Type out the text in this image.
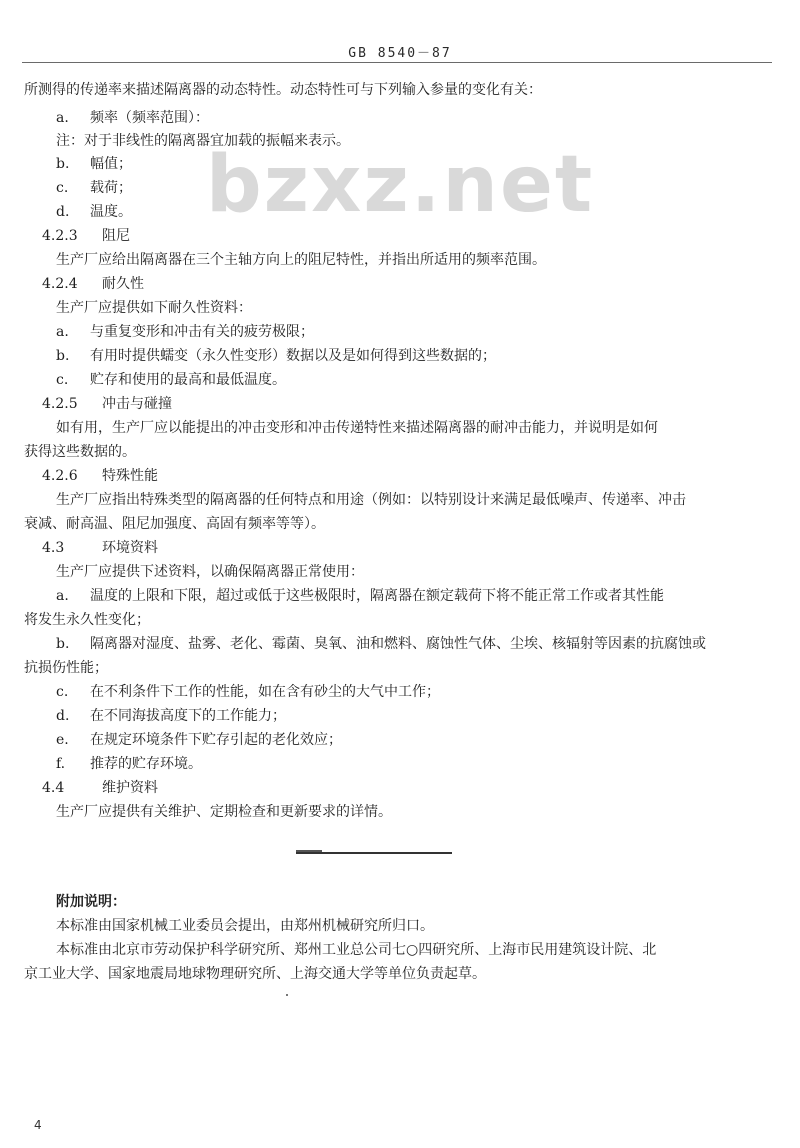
GB 8540－87
bzxz.net
所测得的传递率来描述隔离器的动态特性。动态特性可与下列输入参量的变化有关：
a. 频率（频率范围）：
注：对于非线性的隔离器宜加载的振幅来表示。
b. 幅值；
c. 载荷；
d. 温度。
4.2.3 阻尼
生产厂应给出隔离器在三个主轴方向上的阻尼特性，并指出所适用的频率范围。
4.2.4 耐久性
生产厂应提供如下耐久性资料：
a. 与重复变形和冲击有关的疲劳极限；
b. 有用时提供蠕变（永久性变形）数据以及是如何得到这些数据的；
c. 贮存和使用的最高和最低温度。
4.2.5 冲击与碰撞
如有用，生产厂应以能提出的冲击变形和冲击传递特性来描述隔离器的耐冲击能力，并说明是如何
获得这些数据的。
4.2.6 特殊性能
生产厂应指出特殊类型的隔离器的任何特点和用途（例如：以特别设计来满足最低噪声、传递率、冲击
衰减、耐高温、阻尼加强度、高固有频率等等）。
4.3	环境资料
生产厂应提供下述资料，以确保隔离器正常使用：
a. 温度的上限和下限，超过或低于这些极限时，隔离器在额定载荷下将不能正常工作或者其性能
将发生永久性变化；
b. 隔离器对湿度、盐雾、老化、霉菌、臭氧、油和燃料、腐蚀性气体、尘埃、核辐射等因素的抗腐蚀或
抗损伤性能；
c. 在不利条件下工作的性能，如在含有砂尘的大气中工作；
d. 在不同海拔高度下的工作能力；
e. 在规定环境条件下贮存引起的老化效应；
f. 推荐的贮存环境。
4.4	维护资料
生产厂应提供有关维护、定期检查和更新要求的详情。
附加说明：
本标准由国家机械工业委员会提出，由郑州机械研究所归口。
本标准由北京市劳动保护科学研究所、郑州工业总公司七○四研究所、上海市民用建筑设计院、北
京工业大学、国家地震局地球物理研究所、上海交通大学等单位负责起草。
4
